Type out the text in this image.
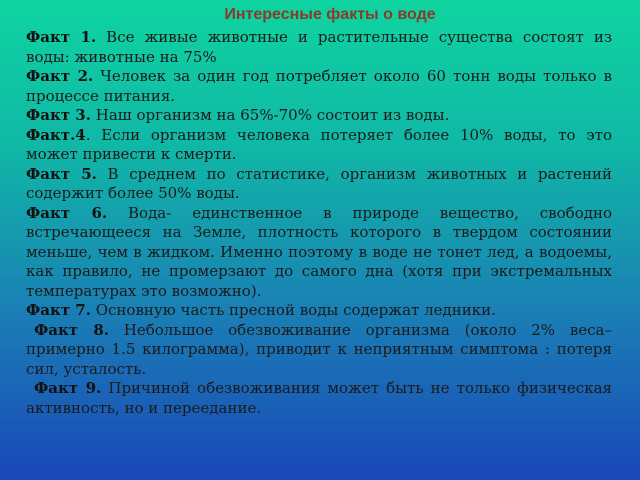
Интересные факты о воде

Факт 1. Все живые животные и растительные существа состоят из воды: животные на 75%

Факт 2. Человек за один год потребляет около 60 тонн воды только в процессе питания.

Факт 3. Наш организм на 65%-70% состоит из воды.

Факт.4. Если организм человека потеряет более 10% воды, то это может привести к смерти.

Факт 5. В среднем по статистике, организм животных и растений содержит более 50% воды.

Факт 6. Вода- единственное в природе вещество, свободно встречающееся на Земле, плотность которого в твердом состоянии меньше, чем в жидком. Именно поэтому в воде не тонет лед, а водоемы, как правило, не промерзают до самого дна (хотя при экстремальных температурах это возможно).

Факт 7. Основную часть пресной воды содержат ледники.

Факт 8. Небольшое обезвоживание организма (около 2% веса– примерно 1.5 килограмма), приводит к неприятным симптома : потеря сил, усталость.

Факт 9. Причиной обезвоживания может быть не только физическая активность, но и переедание.
